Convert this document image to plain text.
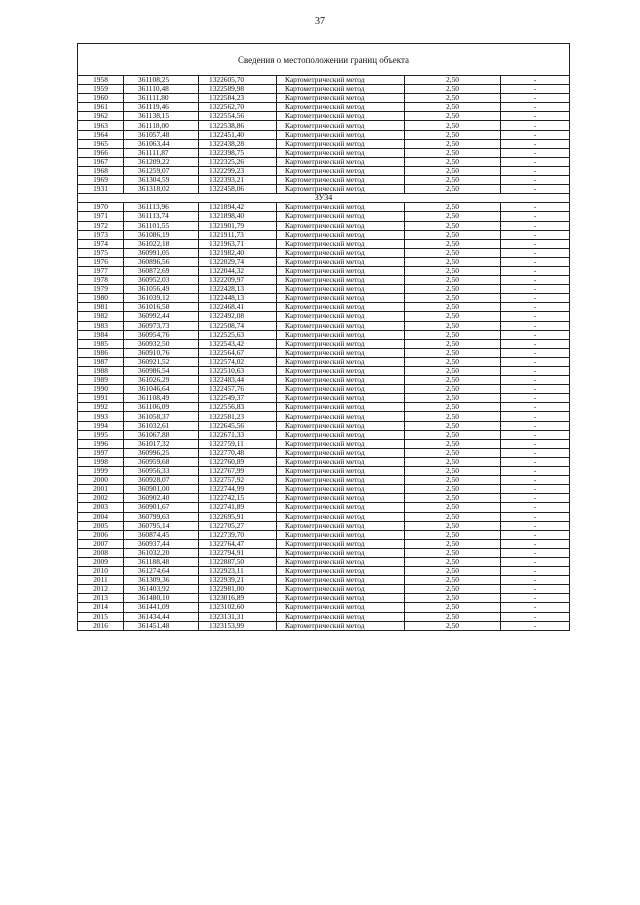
37
Сведения о местоположении границ объекта					
1958	361108,25	1322605,70	Картометрический метод	2,50	-
1959	361110,48	1322589,98	Картометрический метод	2,50	-
1960	361111,80	1322584,23	Картометрический метод	2,50	-
1961	361119,46	1322562,70	Картометрический метод	2,50	-
1962	361138,15	1322554,56	Картометрический метод	2,50	-
1963	361118,00	1322538,86	Картометрический метод	2,50	-
1964	361057,48	1322451,40	Картометрический метод	2,50	-
1965	361063,44	1322438,28	Картометрический метод	2,50	-
1966	361111,87	1322398,75	Картометрический метод	2,50	-
1967	361209,22	1322325,26	Картометрический метод	2,50	-
1968	361259,07	1322299,23	Картометрический метод	2,50	-
1969	361304,59	1322393,21	Картометрический метод	2,50	-
1931	361318,02	1322458,06	Картометрический метод	2,50	-
ЗУ34					
1970	361113,96	1321894,42	Картометрический метод	2,50	-
1971	361113,74	1321898,40	Картометрический метод	2,50	-
1972	361101,55	1321901,79	Картометрический метод	2,50	-
1973	361086,19	1321911,73	Картометрический метод	2,50	-
1974	361022,18	1321963,71	Картометрический метод	2,50	-
1975	360991,05	1321982,40	Картометрический метод	2,50	-
1976	360896,56	1322029,74	Картометрический метод	2,50	-
1977	360872,69	1322044,32	Картометрический метод	2,50	-
1978	360952,03	1322209,97	Картометрический метод	2,50	-
1979	361056,49	1322428,13	Картометрический метод	2,50	-
1980	361039,12	1322448,13	Картометрический метод	2,50	-
1981	361016,50	1322468,41	Картометрический метод	2,50	-
1982	360992,44	1322492,08	Картометрический метод	2,50	-
1983	360973,73	1322508,74	Картометрический метод	2,50	-
1984	360954,76	1322525,63	Картометрический метод	2,50	-
1985	360932,50	1322543,42	Картометрический метод	2,50	-
1986	360910,76	1322564,67	Картометрический метод	2,50	-
1987	360921,52	1322574,02	Картометрический метод	2,50	-
1988	360986,54	1322510,63	Картометрический метод	2,50	-
1989	361026,29	1322483,44	Картометрический метод	2,50	-
1990	361046,64	1322457,76	Картометрический метод	2,50	-
1991	361108,49	1322549,37	Картометрический метод	2,50	-
1992	361106,09	1322556,83	Картометрический метод	2,50	-
1993	361058,37	1322581,23	Картометрический метод	2,50	-
1994	361032,61	1322645,56	Картометрический метод	2,50	-
1995	361067,88	1322671,33	Картометрический метод	2,50	-
1996	361017,32	1322759,11	Картометрический метод	2,50	-
1997	360996,25	1322770,48	Картометрический метод	2,50	-
1998	360959,68	1322760,89	Картометрический метод	2,50	-
1999	360956,33	1322767,99	Картометрический метод	2,50	-
2000	360928,07	1322757,92	Картометрический метод	2,50	-
2001	360901,00	1322744,99	Картометрический метод	2,50	-
2002	360902,40	1322742,15	Картометрический метод	2,50	-
2003	360901,67	1322741,89	Картометрический метод	2,50	-
2004	360799,63	1322695,91	Картометрический метод	2,50	-
2005	360795,14	1322705,27	Картометрический метод	2,50	-
2006	360874,45	1322739,70	Картометрический метод	2,50	-
2007	360937,44	1322764,47	Картометрический метод	2,50	-
2008	361032,20	1322794,91	Картометрический метод	2,50	-
2009	361188,48	1322887,50	Картометрический метод	2,50	-
2010	361274,64	1322923,11	Картометрический метод	2,50	-
2011	361309,36	1322939,21	Картометрический метод	2,50	-
2012	361403,92	1322981,00	Картометрический метод	2,50	-
2013	361480,10	1323016,89	Картометрический метод	2,50	-
2014	361441,09	1323102,60	Картометрический метод	2,50	-
2015	361434,44	1323131,31	Картометрический метод	2,50	-
2016	361451,48	1323153,99	Картометрический метод	2,50	-
